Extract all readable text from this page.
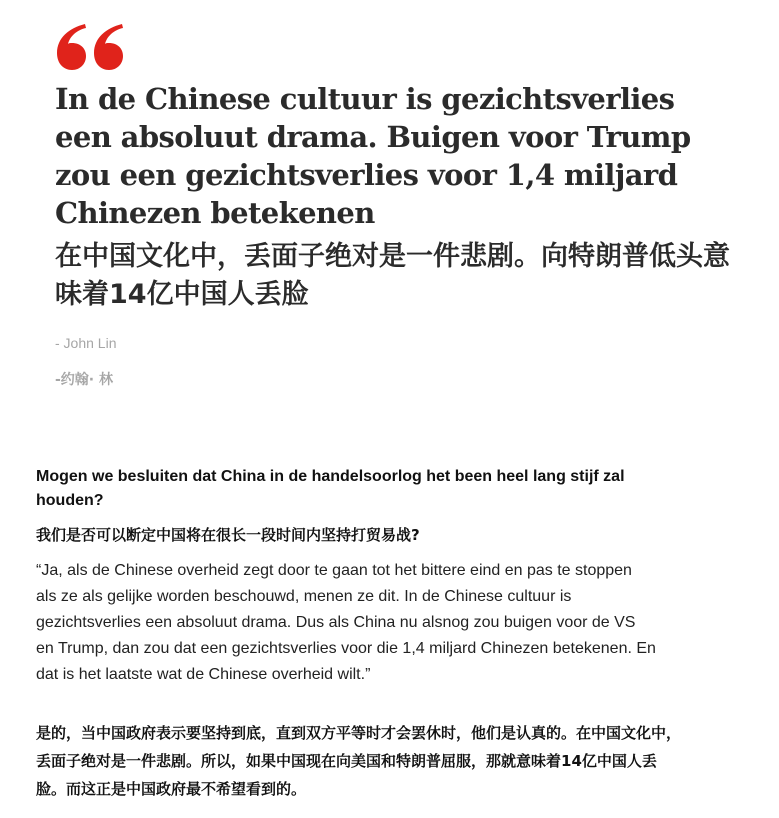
In de Chinese cultuur is gezichtsverlies een absoluut drama. Buigen voor Trump zou een gezichtsverlies voor 1,4 miljard Chinezen betekenen
在中国文化中，丢面子绝对是一件悲剧。向特朗普低头意味着14亿中国人丢脸
- John Lin
-约翰· 林
Mogen we besluiten dat China in de handelsoorlog het been heel lang stijf zal houden?
我们是否可以断定中国将在很长一段时间内坚持打贸易战?
“Ja, als de Chinese overheid zegt door te gaan tot het bittere eind en pas te stoppen als ze als gelijke worden beschouwd, menen ze dit. In de Chinese cultuur is gezichtsverlies een absoluut drama. Dus als China nu alsnog zou buigen voor de VS en Trump, dan zou dat een gezichtsverlies voor die 1,4 miljard Chinezen betekenen. En dat is het laatste wat de Chinese overheid wilt.”
是的，当中国政府表示要坚持到底，直到双方平等时才会罢休时，他们是认真的。在中国文化中，丢面子绝对是一件悲剧。所以，如果中国现在向美国和特朗普屈服，那就意味着14亿中国人丢脸。而这正是中国政府最不希望看到的。
